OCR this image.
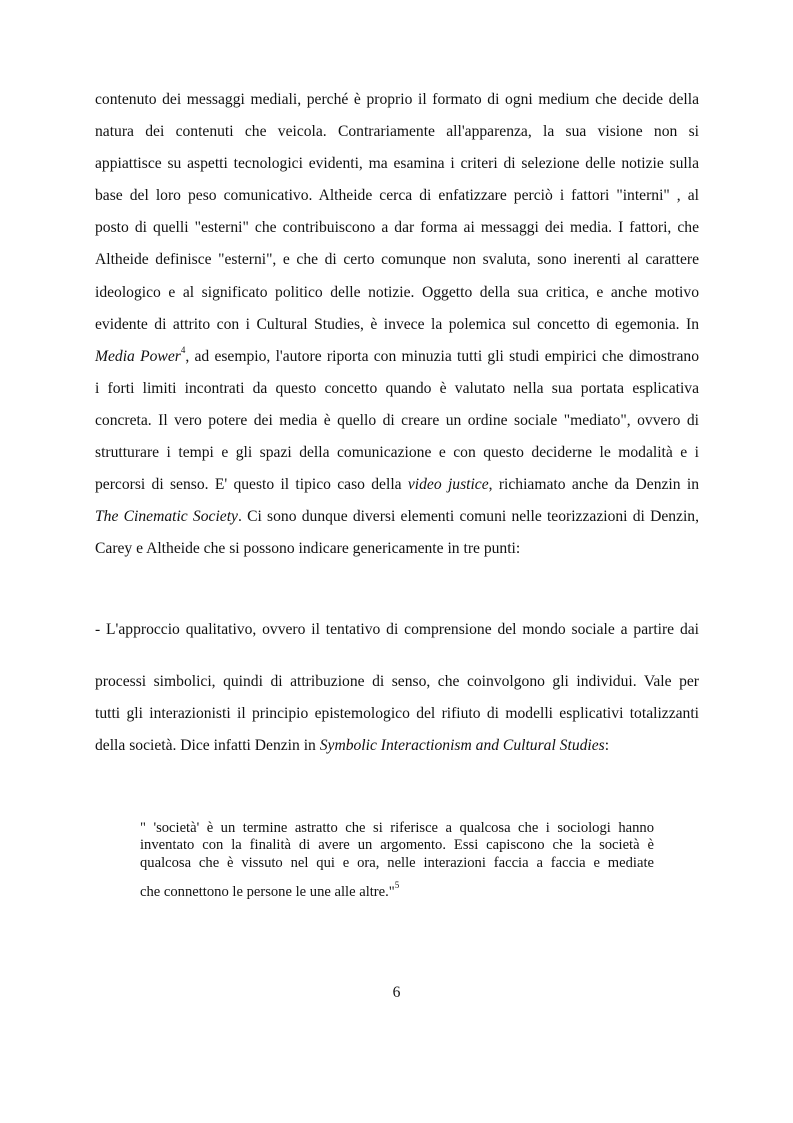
contenuto dei messaggi mediali, perché è proprio il formato di ogni medium che decide della
natura dei contenuti che veicola. Contrariamente all'apparenza, la sua visione non si
appiattisce su aspetti tecnologici evidenti, ma esamina i criteri di selezione delle notizie sulla
base del loro peso comunicativo. Altheide cerca di enfatizzare perciò i fattori "interni" , al
posto di quelli "esterni" che contribuiscono a dar forma ai messaggi dei media. I fattori, che
Altheide definisce "esterni", e che di certo comunque non svaluta, sono inerenti al carattere
ideologico e al significato politico delle notizie. Oggetto della sua critica, e anche motivo
evidente di attrito con i Cultural Studies, è invece la polemica sul concetto di egemonia. In
Media Power$^4$, ad esempio, l'autore riporta con minuzia tutti gli studi empirici che dimostrano
i forti limiti incontrati da questo concetto quando è valutato nella sua portata esplicativa
concreta. Il vero potere dei media è quello di creare un ordine sociale "mediato", ovvero di
strutturare i tempi e gli spazi della comunicazione e con questo deciderne le modalità e i
percorsi di senso. E' questo il tipico caso della video justice, richiamato anche da Denzin in
The Cinematic Society. Ci sono dunque diversi elementi comuni nelle teorizzazioni di Denzin,
Carey e Altheide che si possono indicare genericamente in tre punti:
- L'approccio qualitativo, ovvero il tentativo di comprensione del mondo sociale a partire dai
processi simbolici, quindi di attribuzione di senso, che coinvolgono gli individui. Vale per
tutti gli interazionisti il principio epistemologico del rifiuto di modelli esplicativi totalizzanti
della società. Dice infatti Denzin in Symbolic Interactionism and Cultural Studies:
" 'società' è un termine astratto che si riferisce a qualcosa che i sociologi hanno
inventato con la finalità di avere un argomento. Essi capiscono che la società è
qualcosa che è vissuto nel qui e ora, nelle interazioni faccia a faccia e mediate
che connettono le persone le une alle altre."$^5$
6
